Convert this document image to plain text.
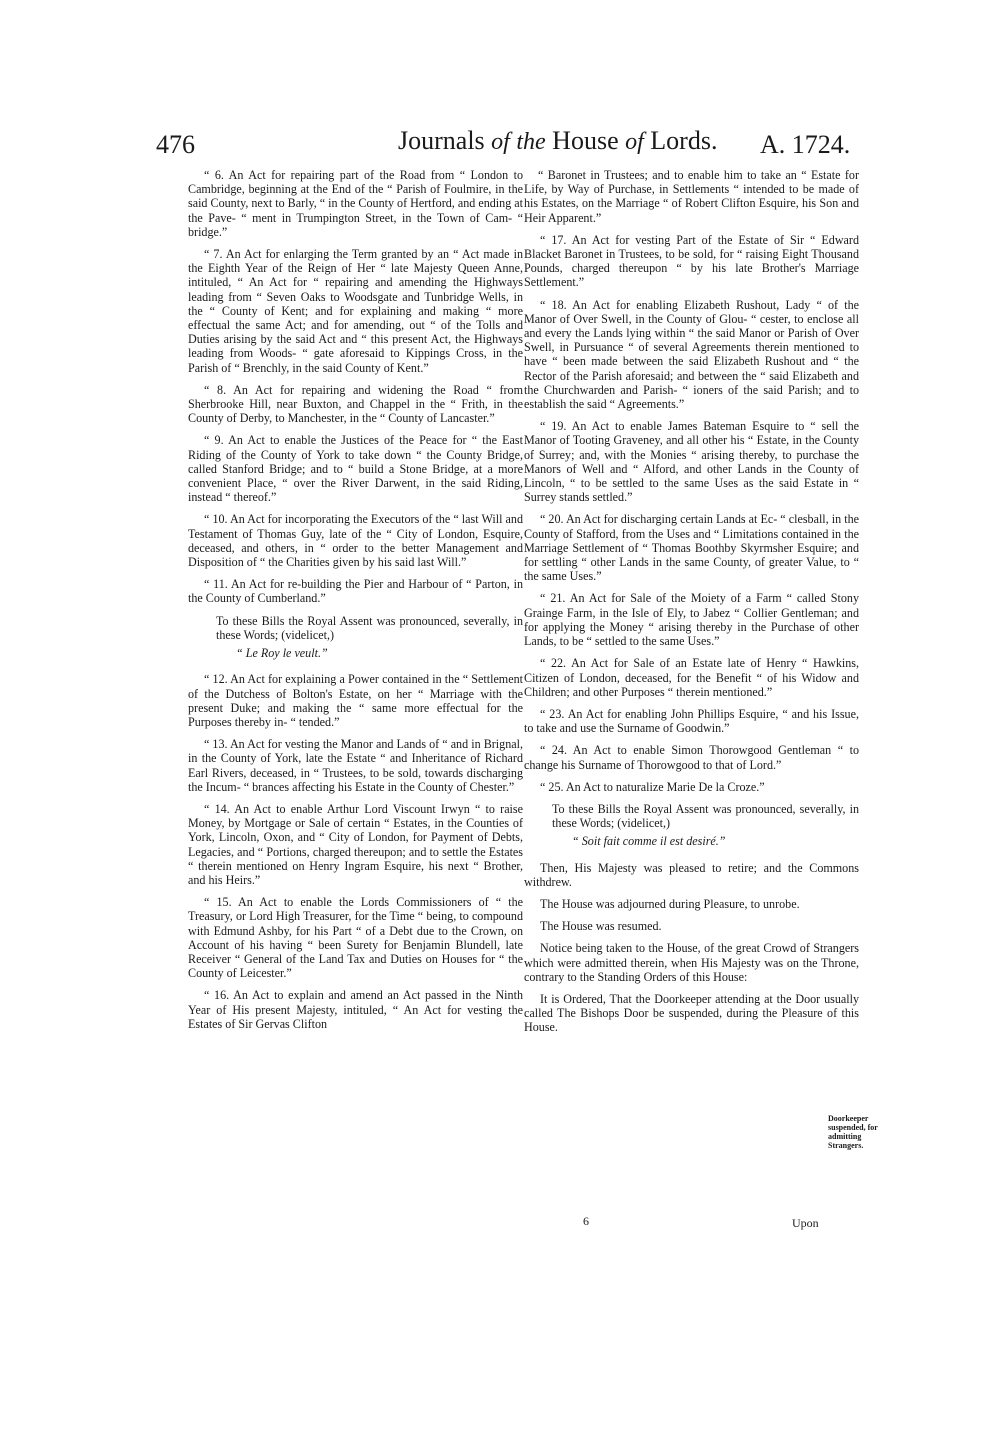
476	Journals of the House of Lords. A. 1724.

“ 6. An Act for repairing part of the Road from “ London to Cambridge, beginning at the End of the “ Parish of Foulmire, in the said County, next to Barly, “ in the County of Hertford, and ending at the Pave- “ ment in Trumpington Street, in the Town of Cam- “ bridge.”

“ 7. An Act for enlarging the Term granted by an “ Act made in the Eighth Year of the Reign of Her “ late Majesty Queen Anne, intituled, “ An Act for “ repairing and amending the Highways leading from “ Seven Oaks to Woodsgate and Tunbridge Wells, in the “ County of Kent; and for explaining and making “ more effectual the same Act; and for amending, out “ of the Tolls and Duties arising by the said Act and “ this present Act, the Highways leading from Woods- “ gate aforesaid to Kippings Cross, in the Parish of “ Brenchly, in the said County of Kent.”

“ 8. An Act for repairing and widening the Road “ from Sherbrooke Hill, near Buxton, and Chappel in the “ Frith, in the County of Derby, to Manchester, in the “ County of Lancaster.”

“ 9. An Act to enable the Justices of the Peace for “ the East Riding of the County of York to take down “ the County Bridge, called Stanford Bridge; and to “ build a Stone Bridge, at a more convenient Place, “ over the River Darwent, in the said Riding, instead “ thereof.”

“ 10. An Act for incorporating the Executors of the “ last Will and Testament of Thomas Guy, late of the “ City of London, Esquire, deceased, and others, in “ order to the better Management and Disposition of “ the Charities given by his said last Will.”

“ 11. An Act for re-building the Pier and Harbour of “ Parton, in the County of Cumberland.”

To these Bills the Royal Assent was pronounced, severally, in these Words; (videlicet,)

“ Le Roy le veult.”

“ 12. An Act for explaining a Power contained in the “ Settlement of the Dutchess of Bolton's Estate, on her “ Marriage with the present Duke; and making the “ same more effectual for the Purposes thereby in- “ tended.”

“ 13. An Act for vesting the Manor and Lands of “ and in Brignal, in the County of York, late the Estate “ and Inheritance of Richard Earl Rivers, deceased, in “ Trustees, to be sold, towards discharging the Incum- “ brances affecting his Estate in the County of Chester.”

“ 14. An Act to enable Arthur Lord Viscount Irwyn “ to raise Money, by Mortgage or Sale of certain “ Estates, in the Counties of York, Lincoln, Oxon, and “ City of London, for Payment of Debts, Legacies, and “ Portions, charged thereupon; and to settle the Estates “ therein mentioned on Henry Ingram Esquire, his next “ Brother, and his Heirs.”

“ 15. An Act to enable the Lords Commissioners of “ the Treasury, or Lord High Treasurer, for the Time “ being, to compound with Edmund Ashby, for his Part “ of a Debt due to the Crown, on Account of his having “ been Surety for Benjamin Blundell, late Receiver “ General of the Land Tax and Duties on Houses for “ the County of Leicester.”

“ 16. An Act to explain and amend an Act passed in the Ninth Year of His present Majesty, intituled, “ An Act for vesting the Estates of Sir Gervas Clifton

“ Baronet in Trustees; and to enable him to take an “ Estate for Life, by Way of Purchase, in Settlements “ intended to be made of his Estates, on the Marriage “ of Robert Clifton Esquire, his Son and Heir Apparent.”

“ 17. An Act for vesting Part of the Estate of Sir “ Edward Blacket Baronet in Trustees, to be sold, for “ raising Eight Thousand Pounds, charged thereupon “ by his late Brother's Marriage Settlement.”

“ 18. An Act for enabling Elizabeth Rushout, Lady “ of the Manor of Over Swell, in the County of Glou- “ cester, to enclose all and every the Lands lying within “ the said Manor or Parish of Over Swell, in Pursuance “ of several Agreements therein mentioned to have “ been made between the said Elizabeth Rushout and “ the Rector of the Parish aforesaid; and between the “ said Elizabeth and the Churchwarden and Parish- “ ioners of the said Parish; and to establish the said “ Agreements.”

“ 19. An Act to enable James Bateman Esquire to “ sell the Manor of Tooting Graveney, and all other his “ Estate, in the County of Surrey; and, with the Monies “ arising thereby, to purchase the Manors of Well and “ Alford, and other Lands in the County of Lincoln, “ to be settled to the same Uses as the said Estate in “ Surrey stands settled.”

“ 20. An Act for discharging certain Lands at Ec- “ clesball, in the County of Stafford, from the Uses and “ Limitations contained in the Marriage Settlement of “ Thomas Boothby Skyrmsher Esquire; and for settling “ other Lands in the same County, of greater Value, to “ the same Uses.”

“ 21. An Act for Sale of the Moiety of a Farm “ called Stony Grainge Farm, in the Isle of Ely, to Jabez “ Collier Gentleman; and for applying the Money “ arising thereby in the Purchase of other Lands, to be “ settled to the same Uses.”

“ 22. An Act for Sale of an Estate late of Henry “ Hawkins, Citizen of London, deceased, for the Benefit “ of his Widow and Children; and other Purposes “ therein mentioned.”

“ 23. An Act for enabling John Phillips Esquire, “ and his Issue, to take and use the Surname of Goodwin.”

“ 24. An Act to enable Simon Thorowgood Gentleman “ to change his Surname of Thorowgood to that of Lord.”

“ 25. An Act to naturalize Marie De la Croze.”

To these Bills the Royal Assent was pronounced, severally, in these Words; (videlicet,)

“ Soit fait comme il est desiré.”

Then, His Majesty was pleased to retire; and the Commons withdrew.

The House was adjourned during Pleasure, to unrobe.

The House was resumed.

Notice being taken to the House, of the great Crowd of Strangers which were admitted therein, when His Majesty was on the Throne, contrary to the Standing Orders of this House:

It is Ordered, That the Doorkeeper attending at the Door usually called The Bishops Door be suspended, during the Pleasure of this House.

Doorkeeper suspended, for admitting Strangers.
6	Upon
